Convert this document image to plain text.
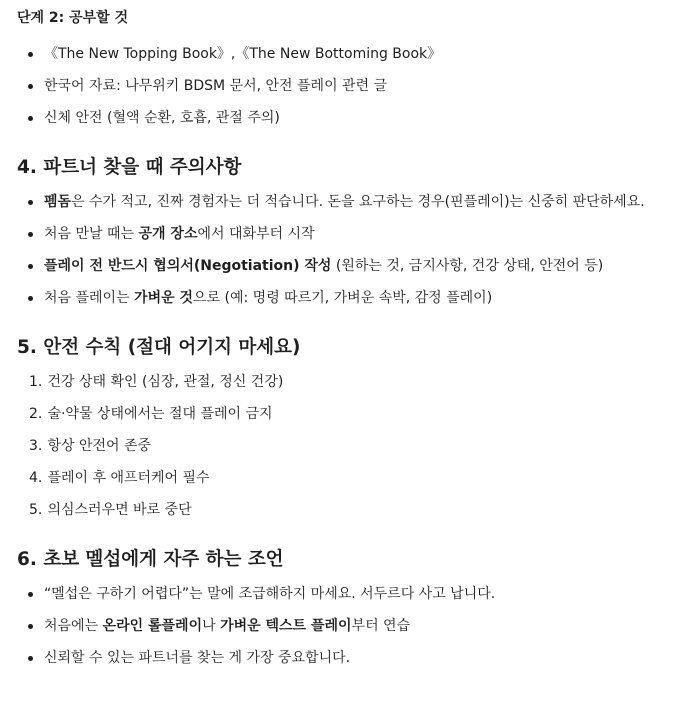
단계 2: 공부할 것
《The New Topping Book》,《The New Bottoming Book》
한국어 자료: 나무위키 BDSM 문서, 안전 플레이 관련 글
신체 안전 (혈액 순환, 호흡, 관절 주의)
4. 파트너 찾을 때 주의사항
펨돔은 수가 적고, 진짜 경험자는 더 적습니다. 돈을 요구하는 경우(핀플레이)는 신중히 판단하세요.
처음 만날 때는 공개 장소에서 대화부터 시작
플레이 전 반드시 협의서(Negotiation) 작성 (원하는 것, 금지사항, 건강 상태, 안전어 등)
처음 플레이는 가벼운 것으로 (예: 명령 따르기, 가벼운 속박, 감정 플레이)
5. 안전 수칙 (절대 어기지 마세요)
1. 건강 상태 확인 (심장, 관절, 정신 건강)
2. 술·약물 상태에서는 절대 플레이 금지
3. 항상 안전어 존중
4. 플레이 후 애프터케어 필수
5. 의심스러우면 바로 중단
6. 초보 멜섭에게 자주 하는 조언
“멜섭은 구하기 어렵다”는 말에 조급해하지 마세요. 서두르다 사고 납니다.
처음에는 온라인 롤플레이나 가벼운 텍스트 플레이부터 연습
신뢰할 수 있는 파트너를 찾는 게 가장 중요합니다.
